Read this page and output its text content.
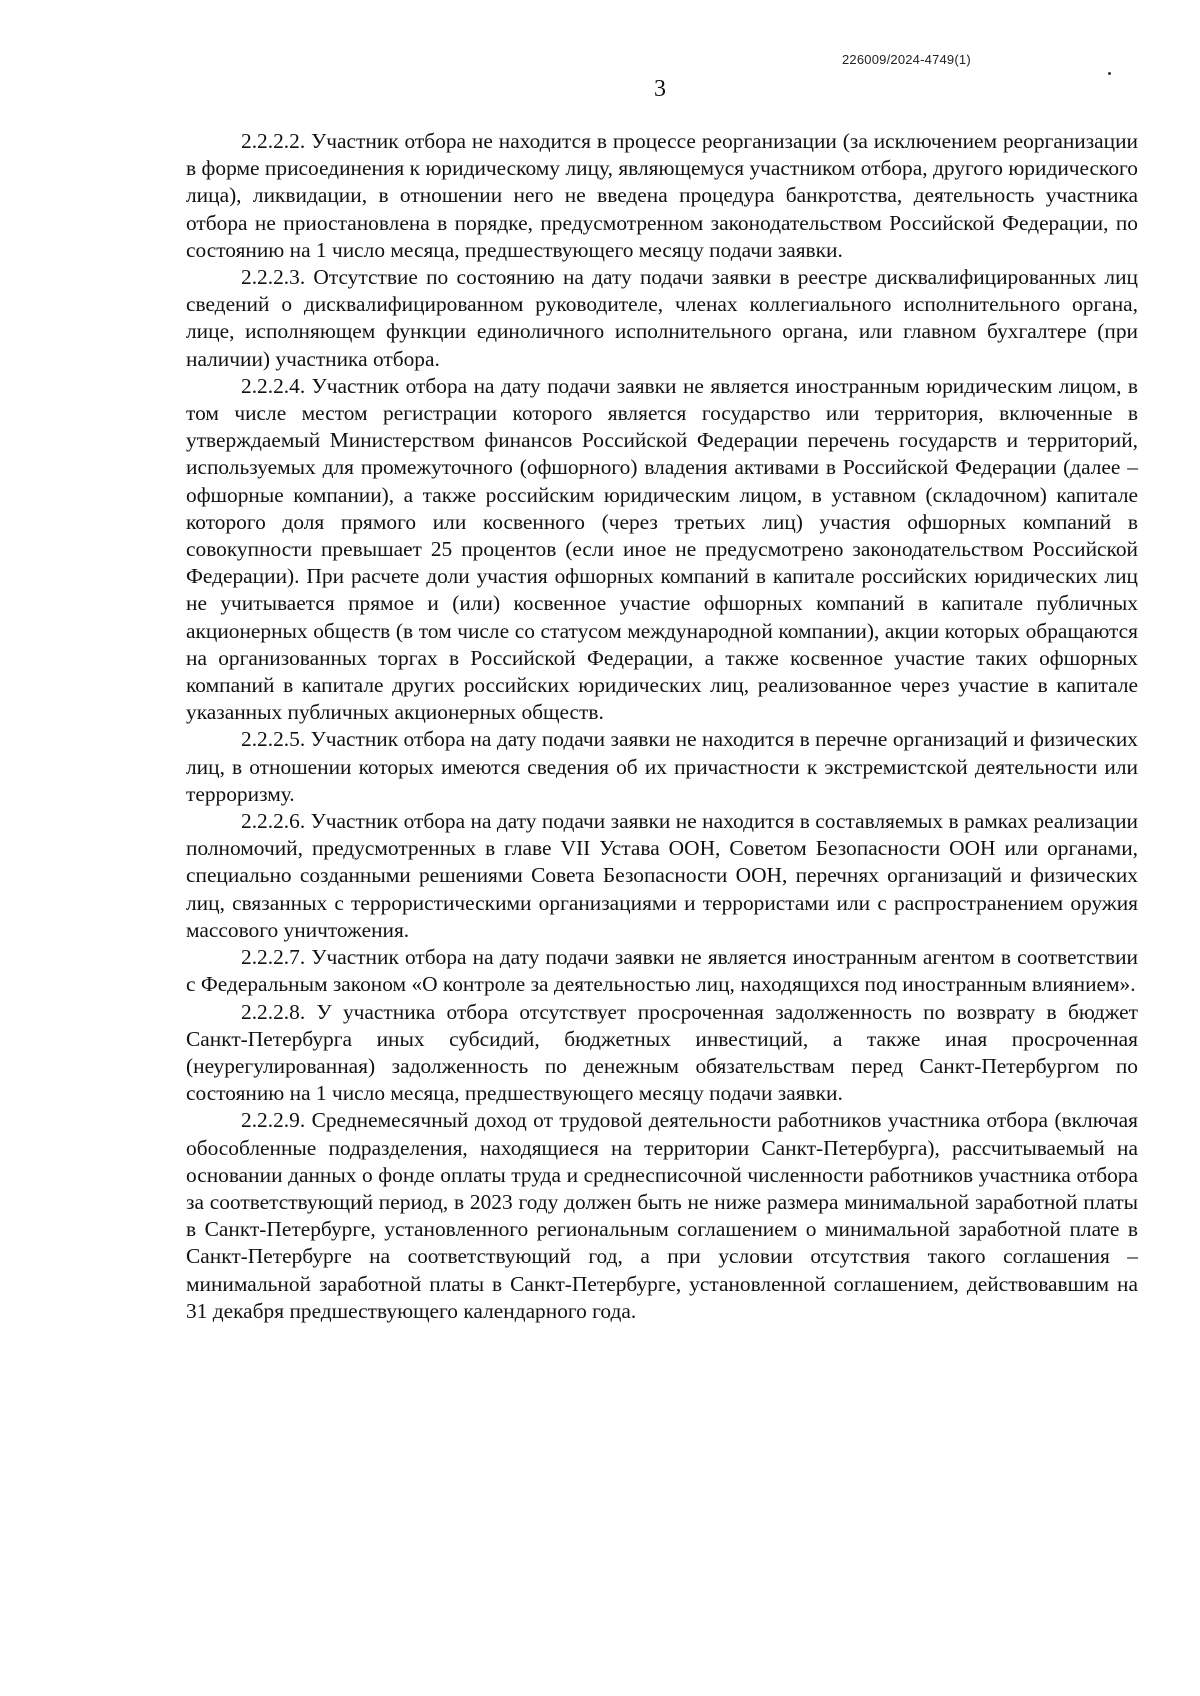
226009/2024-4749(1)
3

2.2.2.2. Участник отбора не находится в процессе реорганизации (за исключением реорганизации в форме присоединения к юридическому лицу, являющемуся участником отбора, другого юридического лица), ликвидации, в отношении него не введена процедура банкротства, деятельность участника отбора не приостановлена в порядке, предусмотренном законодательством Российской Федерации, по состоянию на 1 число месяца, предшествующего месяцу подачи заявки.

2.2.2.3. Отсутствие по состоянию на дату подачи заявки в реестре дисквалифицированных лиц сведений о дисквалифицированном руководителе, членах коллегиального исполнительного органа, лице, исполняющем функции единоличного исполнительного органа, или главном бухгалтере (при наличии) участника отбора.

2.2.2.4. Участник отбора на дату подачи заявки не является иностранным юридическим лицом, в том числе местом регистрации которого является государство или территория, включенные в утверждаемый Министерством финансов Российской Федерации перечень государств и территорий, используемых для промежуточного (офшорного) владения активами в Российской Федерации (далее – офшорные компании), а также российским юридическим лицом, в уставном (складочном) капитале которого доля прямого или косвенного (через третьих лиц) участия офшорных компаний в совокупности превышает 25 процентов (если иное не предусмотрено законодательством Российской Федерации). При расчете доли участия офшорных компаний в капитале российских юридических лиц не учитывается прямое и (или) косвенное участие офшорных компаний в капитале публичных акционерных обществ (в том числе со статусом международной компании), акции которых обращаются на организованных торгах в Российской Федерации, а также косвенное участие таких офшорных компаний в капитале других российских юридических лиц, реализованное через участие в капитале указанных публичных акционерных обществ.

2.2.2.5. Участник отбора на дату подачи заявки не находится в перечне организаций и физических лиц, в отношении которых имеются сведения об их причастности к экстремистской деятельности или терроризму.

2.2.2.6. Участник отбора на дату подачи заявки не находится в составляемых в рамках реализации полномочий, предусмотренных в главе VII Устава ООН, Советом Безопасности ООН или органами, специально созданными решениями Совета Безопасности ООН, перечнях организаций и физических лиц, связанных с террористическими организациями и террористами или с распространением оружия массового уничтожения.

2.2.2.7. Участник отбора на дату подачи заявки не является иностранным агентом в соответствии с Федеральным законом «О контроле за деятельностью лиц, находящихся под иностранным влиянием».

2.2.2.8. У участника отбора отсутствует просроченная задолженность по возврату в бюджет Санкт-Петербурга иных субсидий, бюджетных инвестиций, а также иная просроченная (неурегулированная) задолженность по денежным обязательствам перед Санкт-Петербургом по состоянию на 1 число месяца, предшествующего месяцу подачи заявки.

2.2.2.9. Среднемесячный доход от трудовой деятельности работников участника отбора (включая обособленные подразделения, находящиеся на территории Санкт-Петербурга), рассчитываемый на основании данных о фонде оплаты труда и среднесписочной численности работников участника отбора за соответствующий период, в 2023 году должен быть не ниже размера минимальной заработной платы в Санкт-Петербурге, установленного региональным соглашением о минимальной заработной плате в Санкт-Петербурге на соответствующий год, а при условии отсутствия такого соглашения – минимальной заработной платы в Санкт-Петербурге, установленной соглашением, действовавшим на 31 декабря предшествующего календарного года.
